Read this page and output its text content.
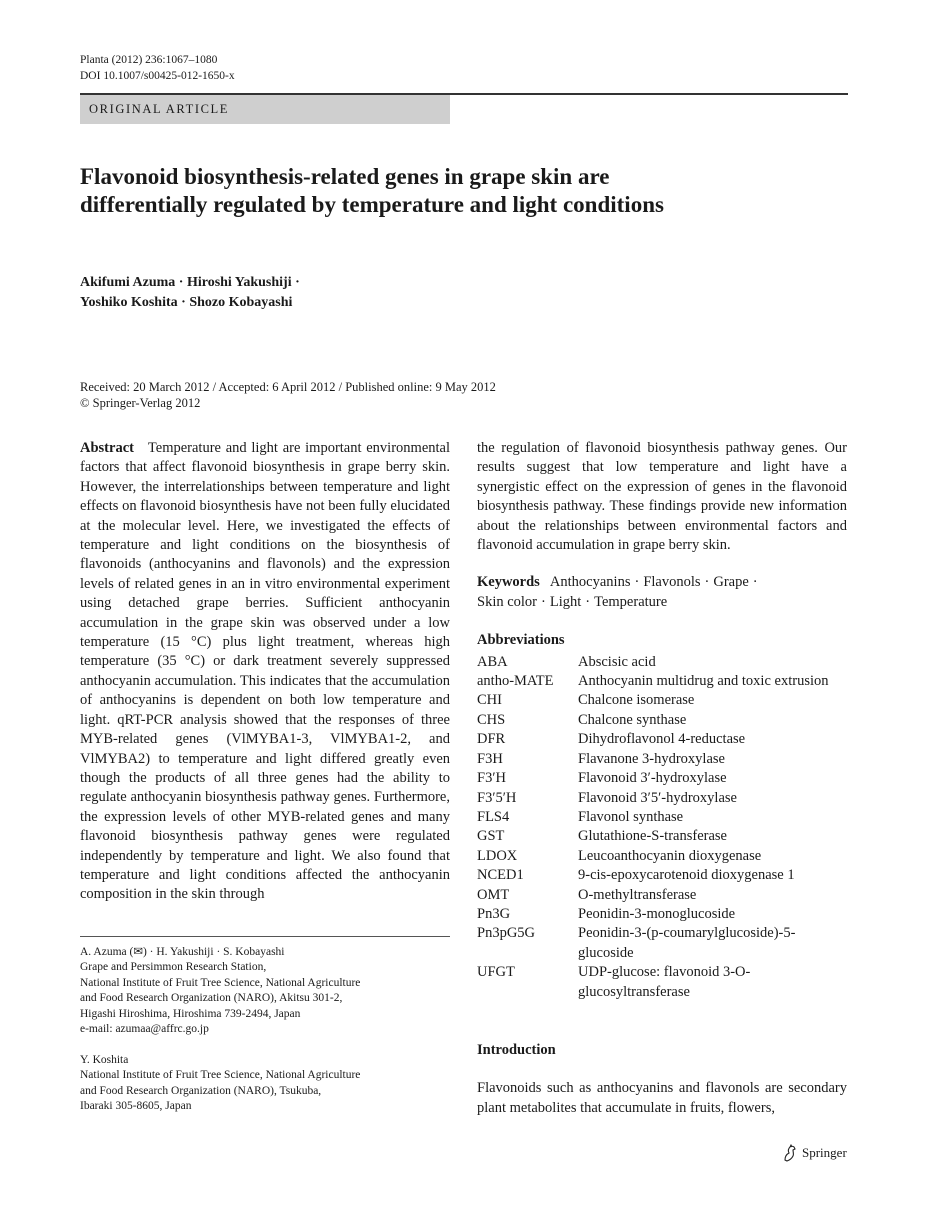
Planta (2012) 236:1067–1080
DOI 10.1007/s00425-012-1650-x
ORIGINAL ARTICLE
Flavonoid biosynthesis-related genes in grape skin are differentially regulated by temperature and light conditions
Akifumi Azuma · Hiroshi Yakushiji ·
Yoshiko Koshita · Shozo Kobayashi
Received: 20 March 2012 / Accepted: 6 April 2012 / Published online: 9 May 2012
© Springer-Verlag 2012

Abstract Temperature and light are important environmental factors that affect flavonoid biosynthesis in grape berry skin. However, the interrelationships between temperature and light effects on flavonoid biosynthesis have not been fully elucidated at the molecular level. Here, we investigated the effects of temperature and light conditions on the biosynthesis of flavonoids (anthocyanins and flavonols) and the expression levels of related genes in an in vitro environmental experiment using detached grape berries. Sufficient anthocyanin accumulation in the grape skin was observed under a low temperature (15 °C) plus light treatment, whereas high temperature (35 °C) or dark treatment severely suppressed anthocyanin accumulation. This indicates that the accumulation of anthocyanins is dependent on both low temperature and light. qRT-PCR analysis showed that the responses of three MYB-related genes (VlMYBA1-3, VlMYBA1-2, and VlMYBA2) to temperature and light differed greatly even though the products of all three genes had the ability to regulate anthocyanin biosynthesis pathway genes. Furthermore, the expression levels of other MYB-related genes and many flavonoid biosynthesis pathway genes were regulated independently by temperature and light. We also found that temperature and light conditions affected the anthocyanin composition in the skin through

the regulation of flavonoid biosynthesis pathway genes. Our results suggest that low temperature and light have a synergistic effect on the expression of genes in the flavonoid biosynthesis pathway. These findings provide new information about the relationships between environmental factors and flavonoid accumulation in grape berry skin.

Keywords Anthocyanins · Flavonols · Grape ·
Skin color · Light · Temperature

Abbreviations

ABA	Abscisic acid
antho-MATE	Anthocyanin multidrug and toxic extrusion
CHI	Chalcone isomerase
CHS	Chalcone synthase
DFR	Dihydroflavonol 4-reductase
F3H	Flavanone 3-hydroxylase
F3′H	Flavonoid 3′-hydroxylase
F3′5′H	Flavonoid 3′5′-hydroxylase
FLS4	Flavonol synthase
GST	Glutathione-S-transferase
LDOX	Leucoanthocyanin dioxygenase
NCED1	9-cis-epoxycarotenoid dioxygenase 1
OMT	O-methyltransferase
Pn3G	Peonidin-3-monoglucoside
Pn3pG5G	Peonidin-3-(p-coumarylglucoside)-5-glucoside
UFGT	UDP-glucose: flavonoid 3-O-glucosyltransferase

Introduction

Flavonoids such as anthocyanins and flavonols are secondary plant metabolites that accumulate in fruits, flowers,

A. Azuma (✉) · H. Yakushiji · S. Kobayashi
Grape and Persimmon Research Station,
National Institute of Fruit Tree Science, National Agriculture
and Food Research Organization (NARO), Akitsu 301-2,
Higashi Hiroshima, Hiroshima 739-2494, Japan
e-mail: azumaa@affrc.go.jp
Y. Koshita
National Institute of Fruit Tree Science, National Agriculture
and Food Research Organization (NARO), Tsukuba,
Ibaraki 305-8605, Japan
Springer
